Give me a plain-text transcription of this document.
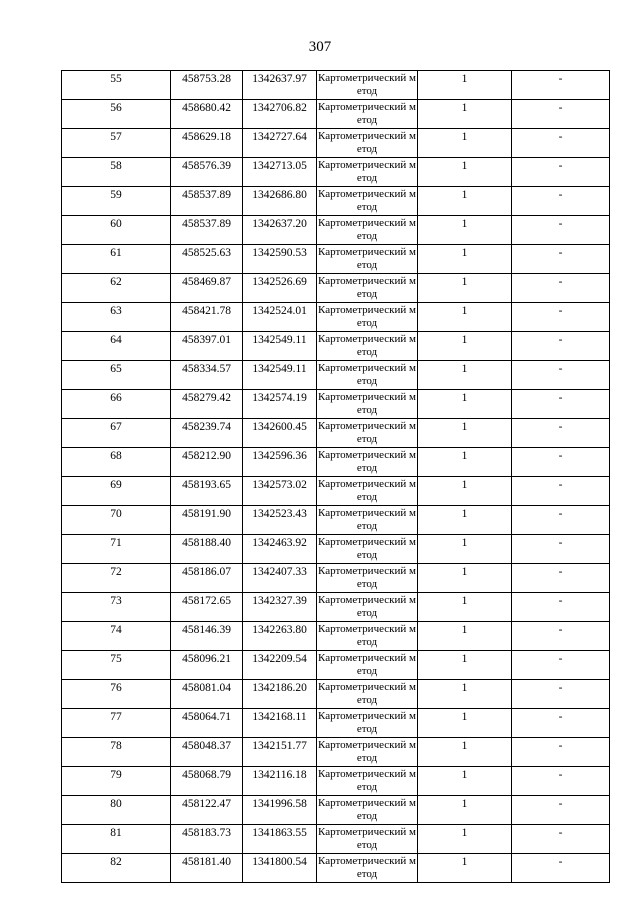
307
55	458753.28	1342637.97	Картометрический метод	1	-
56	458680.42	1342706.82	Картометрический метод	1	-
57	458629.18	1342727.64	Картометрический метод	1	-
58	458576.39	1342713.05	Картометрический метод	1	-
59	458537.89	1342686.80	Картометрический метод	1	-
60	458537.89	1342637.20	Картометрический метод	1	-
61	458525.63	1342590.53	Картометрический метод	1	-
62	458469.87	1342526.69	Картометрический метод	1	-
63	458421.78	1342524.01	Картометрический метод	1	-
64	458397.01	1342549.11	Картометрический метод	1	-
65	458334.57	1342549.11	Картометрический метод	1	-
66	458279.42	1342574.19	Картометрический метод	1	-
67	458239.74	1342600.45	Картометрический метод	1	-
68	458212.90	1342596.36	Картометрический метод	1	-
69	458193.65	1342573.02	Картометрический метод	1	-
70	458191.90	1342523.43	Картометрический метод	1	-
71	458188.40	1342463.92	Картометрический метод	1	-
72	458186.07	1342407.33	Картометрический метод	1	-
73	458172.65	1342327.39	Картометрический метод	1	-
74	458146.39	1342263.80	Картометрический метод	1	-
75	458096.21	1342209.54	Картометрический метод	1	-
76	458081.04	1342186.20	Картометрический метод	1	-
77	458064.71	1342168.11	Картометрический метод	1	-
78	458048.37	1342151.77	Картометрический метод	1	-
79	458068.79	1342116.18	Картометрический метод	1	-
80	458122.47	1341996.58	Картометрический метод	1	-
81	458183.73	1341863.55	Картометрический метод	1	-
82	458181.40	1341800.54	Картометрический метод	1	-
